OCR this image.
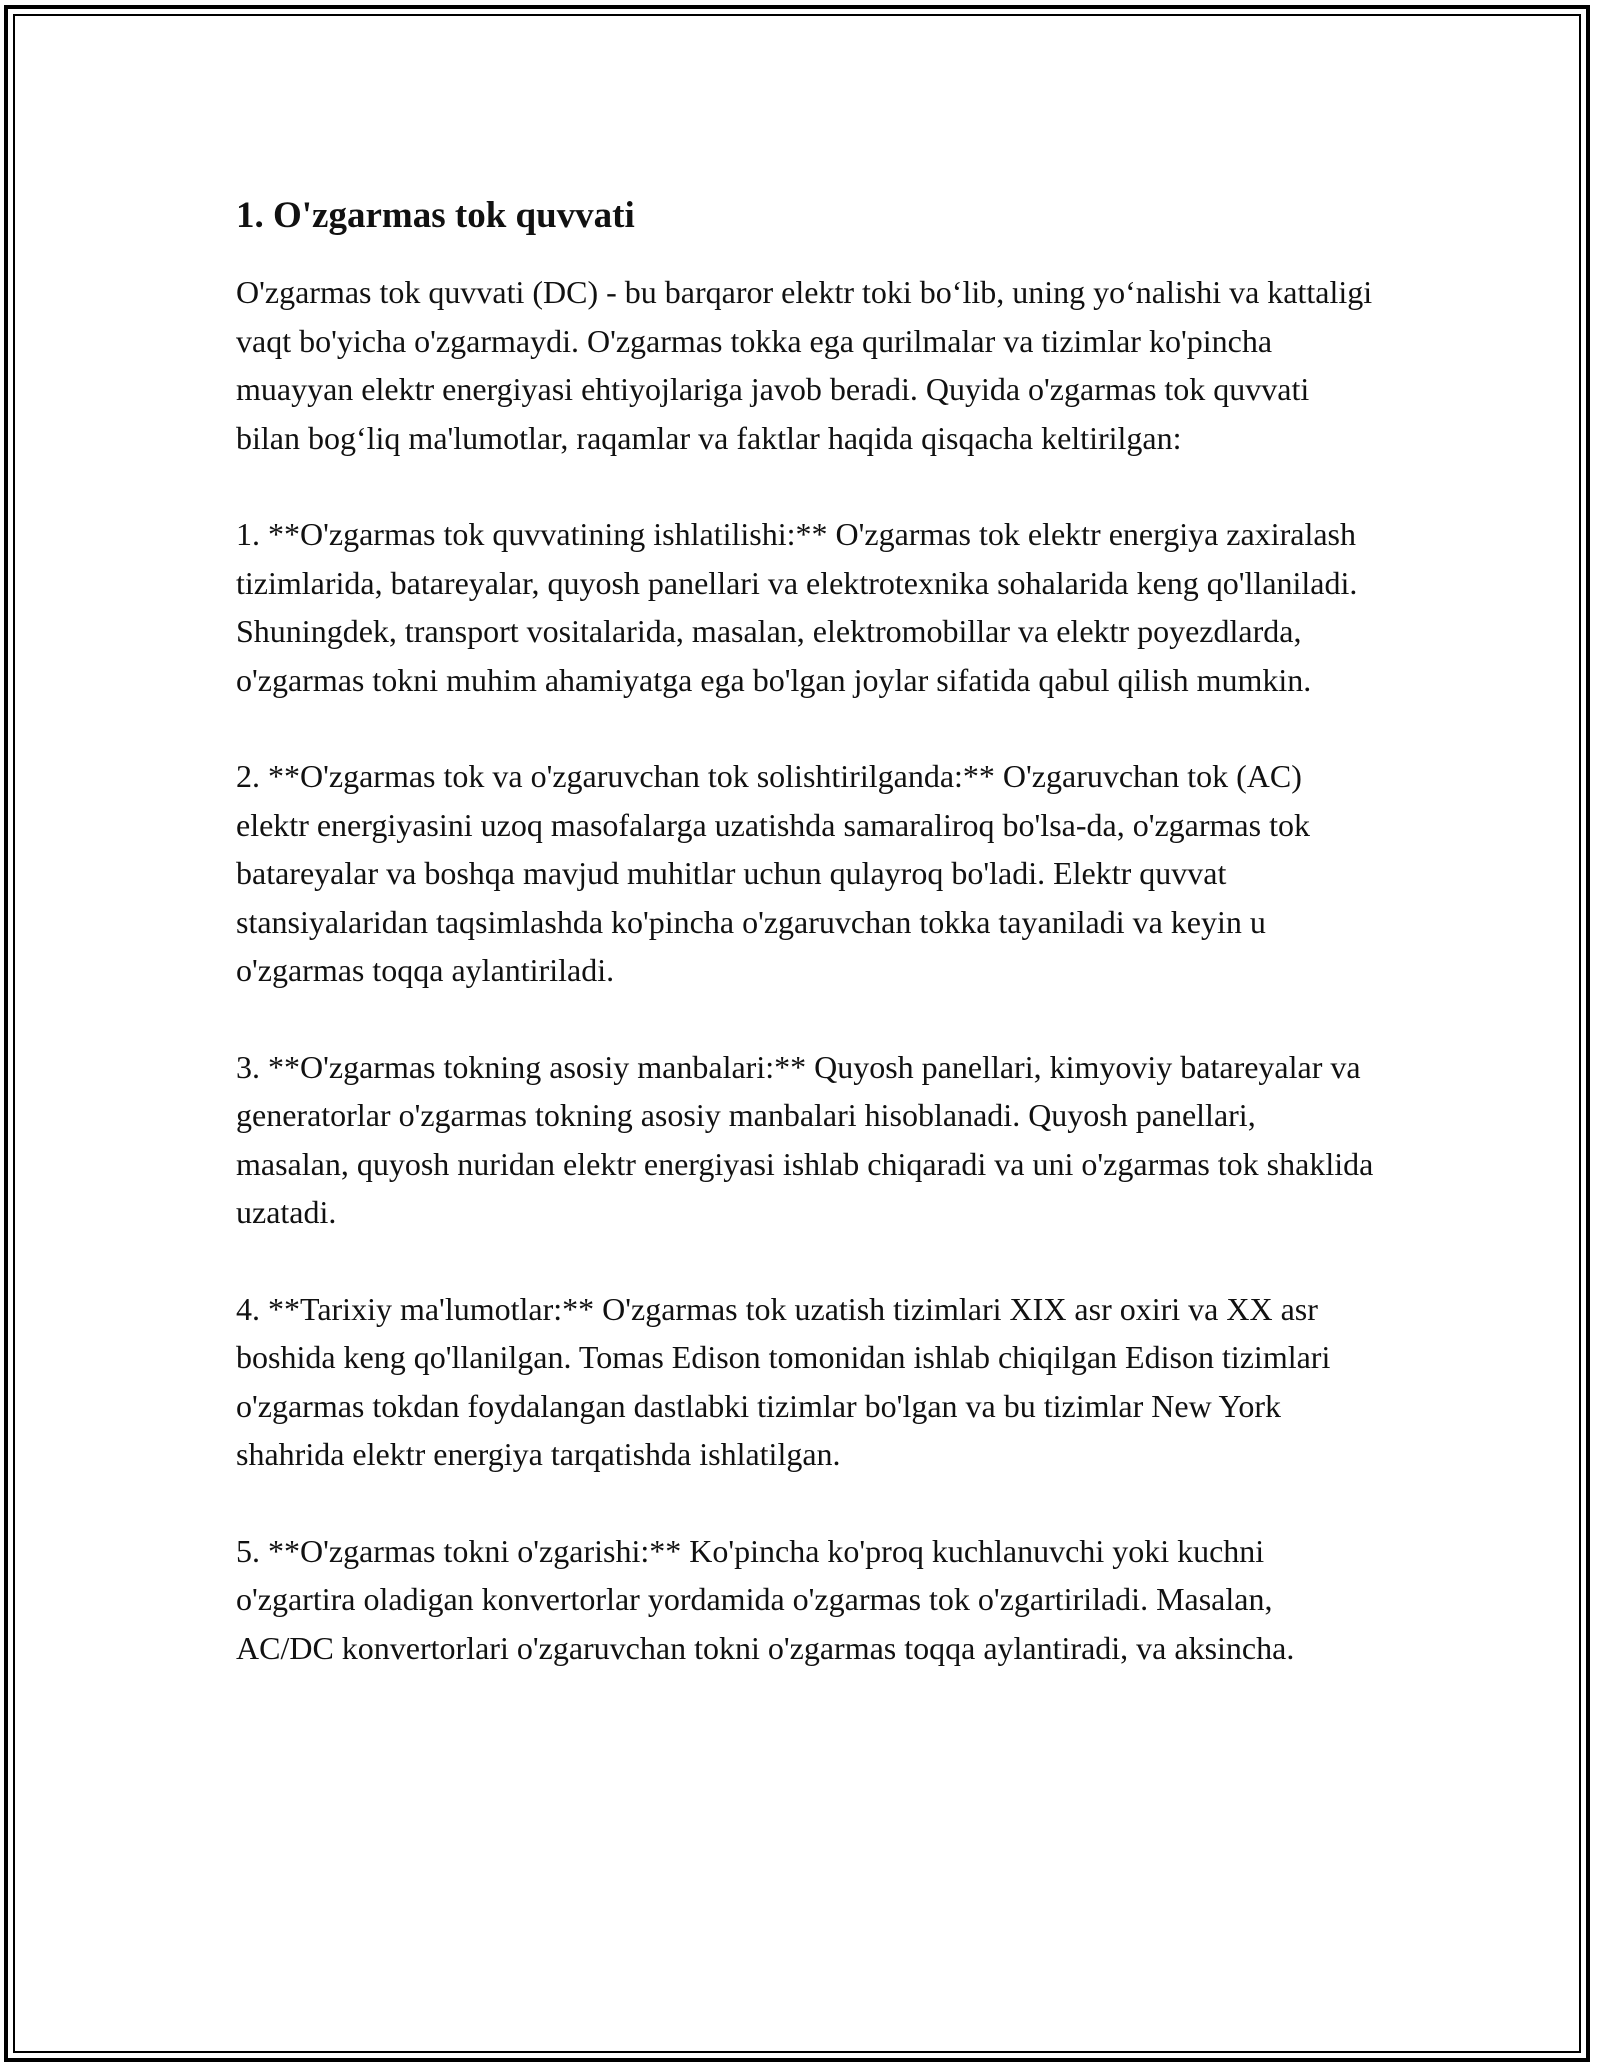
1. O'zgarmas tok quvvati

O'zgarmas tok quvvati (DC) - bu barqaror elektr toki bo‘lib, uning yo‘nalishi va kattaligi vaqt bo'yicha o'zgarmaydi. O'zgarmas tokka ega qurilmalar va tizimlar ko'pincha muayyan elektr energiyasi ehtiyojlariga javob beradi. Quyida o'zgarmas tok quvvati bilan bog‘liq ma'lumotlar, raqamlar va faktlar haqida qisqacha keltirilgan:

1. **O'zgarmas tok quvvatining ishlatilishi:** O'zgarmas tok elektr energiya zaxiralash tizimlarida, batareyalar, quyosh panellari va elektrotexnika sohalarida keng qo'llaniladi. Shuningdek, transport vositalarida, masalan, elektromobillar va elektr poyezdlarda, o'zgarmas tokni muhim ahamiyatga ega bo'lgan joylar sifatida qabul qilish mumkin.

2. **O'zgarmas tok va o'zgaruvchan tok solishtirilganda:** O'zgaruvchan tok (AC) elektr energiyasini uzoq masofalarga uzatishda samaraliroq bo'lsa-da, o'zgarmas tok batareyalar va boshqa mavjud muhitlar uchun qulayroq bo'ladi. Elektr quvvat stansiyalaridan taqsimlashda ko'pincha o'zgaruvchan tokka tayaniladi va keyin u o'zgarmas toqqa aylantiriladi.

3. **O'zgarmas tokning asosiy manbalari:** Quyosh panellari, kimyoviy batareyalar va generatorlar o'zgarmas tokning asosiy manbalari hisoblanadi. Quyosh panellari, masalan, quyosh nuridan elektr energiyasi ishlab chiqaradi va uni o'zgarmas tok shaklida uzatadi.

4. **Tarixiy ma'lumotlar:** O'zgarmas tok uzatish tizimlari XIX asr oxiri va XX asr boshida keng qo'llanilgan. Tomas Edison tomonidan ishlab chiqilgan Edison tizimlari o'zgarmas tokdan foydalangan dastlabki tizimlar bo'lgan va bu tizimlar New York shahrida elektr energiya tarqatishda ishlatilgan.

5. **O'zgarmas tokni o'zgarishi:** Ko'pincha ko'proq kuchlanuvchi yoki kuchni o'zgartira oladigan konvertorlar yordamida o'zgarmas tok o'zgartiriladi. Masalan, AC/DC konvertorlari o'zgaruvchan tokni o'zgarmas toqqa aylantiradi, va aksincha.
